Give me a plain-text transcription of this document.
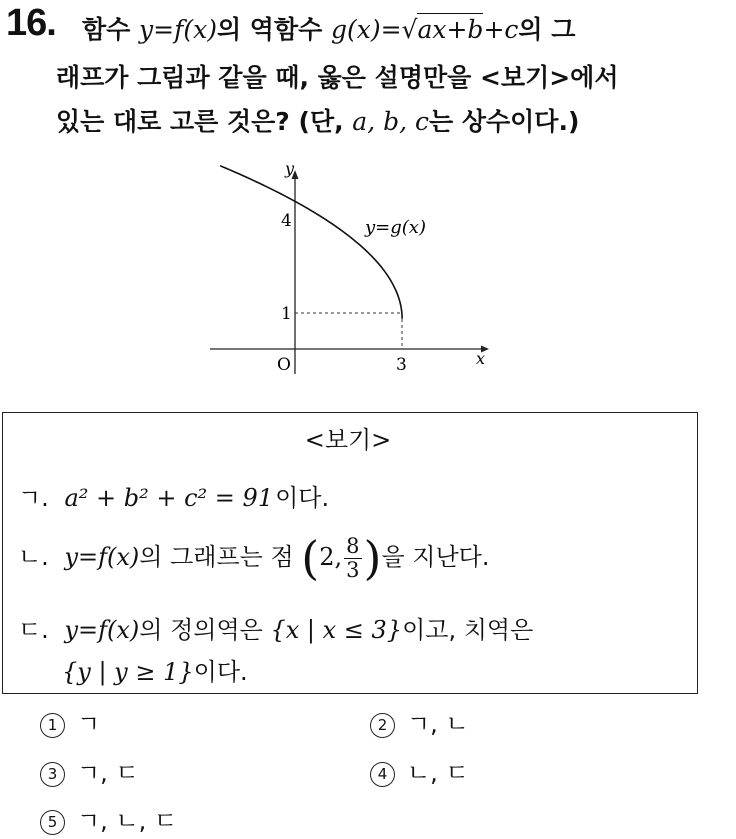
16. 함수 y=f(x)의 역함수 g(x)=√ax+b+c의 그
래프가 그림과 같을 때, 옳은 설명만을 <보기>에서
있는 대로 고른 것은? (단, a, b, c는 상수이다.)
y
x
O
4
1
3
y=g(x)
<보기>
ㄱ. a² + b² + c² = 91이다.
ㄴ. y=f(x)의 그래프는 점 (2, $\frac{8}{3}$ )을 지난다.
ㄷ. y=f(x)의 정의역은 {x | x ≤ 3}이고, 치역은
{y | y ≥ 1}이다.
1 ㄱ	2 ㄱ, ㄴ
3 ㄱ, ㄷ	4 ㄴ, ㄷ
5 ㄱ, ㄴ, ㄷ
